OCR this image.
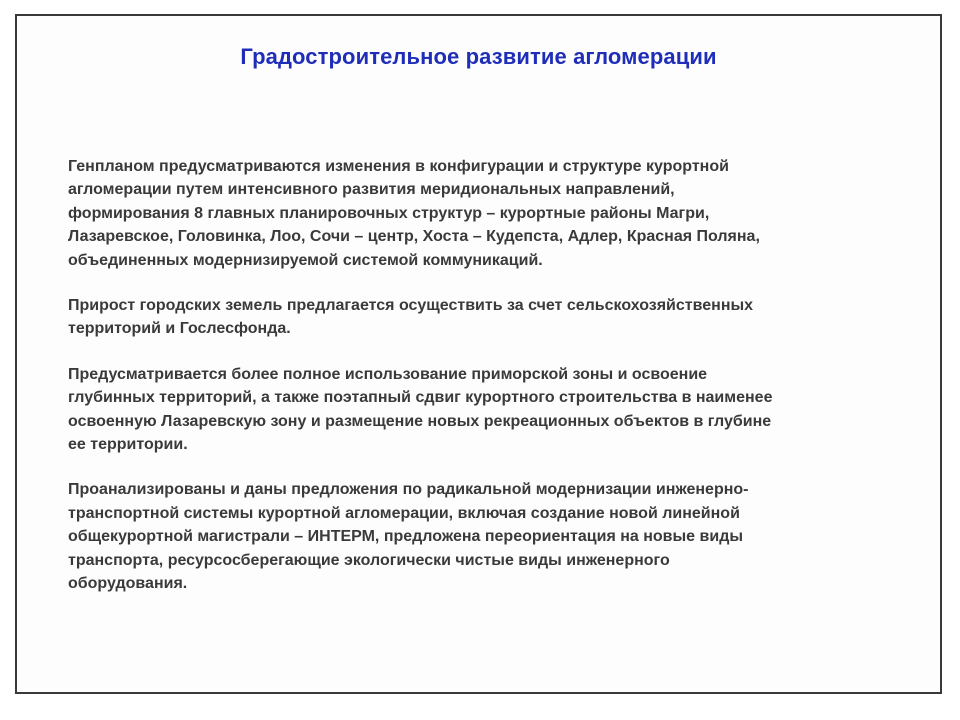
Градостроительное развитие агломерации

Генпланом предусматриваются изменения в конфигурации и структуре курортной
агломерации путем интенсивного развития меридиональных направлений,
формирования 8 главных планировочных структур – курортные районы Магри,
Лазаревское, Головинка, Лоо, Сочи – центр, Хоста – Кудепста, Адлер, Красная Поляна,
объединенных модернизируемой системой коммуникаций.

Прирост городских земель предлагается осуществить за счет сельскохозяйственных
территорий и Гослесфонда.

Предусматривается более полное использование приморской зоны и освоение
глубинных территорий, а также поэтапный сдвиг курортного строительства в наименее
освоенную Лазаревскую зону и размещение новых рекреационных объектов в глубине
ее территории.

Проанализированы и даны предложения по радикальной модернизации инженерно-
транспортной системы курортной агломерации, включая создание новой линейной
общекурортной магистрали – ИНТЕРМ, предложена переориентация на новые виды
транспорта, ресурсосберегающие экологически чистые виды инженерного
оборудования.
